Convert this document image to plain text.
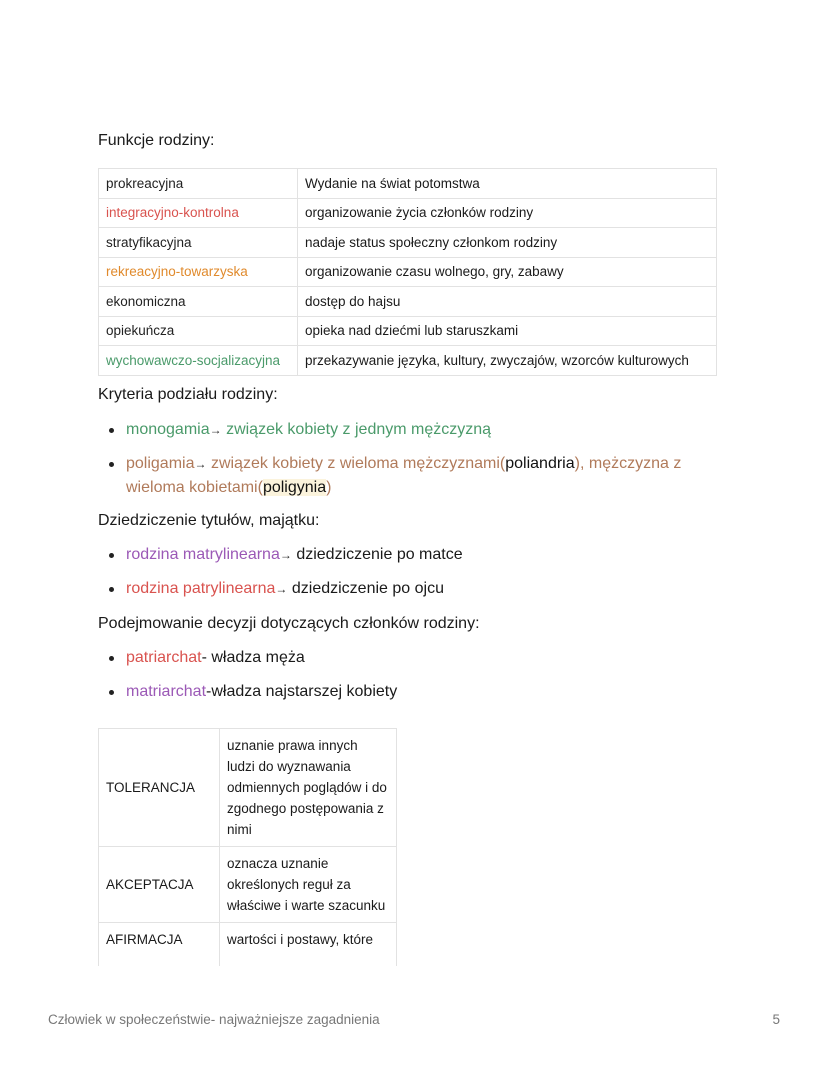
Funkcje rodziny:
prokreacyjna	Wydanie na świat potomstwa
integracyjno-kontrolna	organizowanie życia członków rodziny
stratyfikacyjna	nadaje status społeczny członkom rodziny
rekreacyjno-towarzyska	organizowanie czasu wolnego, gry, zabawy
ekonomiczna	dostęp do hajsu
opiekuńcza	opieka nad dziećmi lub staruszkami
wychowawczo-socjalizacyjna	przekazywanie języka, kultury, zwyczajów, wzorców kulturowych
Kryteria podziału rodziny:
monogamia→ związek kobiety z jednym mężczyzną
poligamia→ związek kobiety z wieloma mężczyznami(poliandria), mężczyzna z wieloma kobietami(poligynia)
Dziedziczenie tytułów, majątku:
rodzina matrylinearna→ dziedziczenie po matce
rodzina patrylinearna→ dziedziczenie po ojcu
Podejmowanie decyzji dotyczących członków rodziny:
patriarchat- władza męża
matriarchat-władza najstarszej kobiety
TOLERANCJA	uznanie prawa innych ludzi do wyznawania odmiennych poglądów i do zgodnego postępowania z nimi
AKCEPTACJA	oznacza uznanie określonych reguł za właściwe i warte szacunku
AFIRMACJA	wartości i postawy, które
Człowiek w społeczeństwie- najważniejsze zagadnienia	5
